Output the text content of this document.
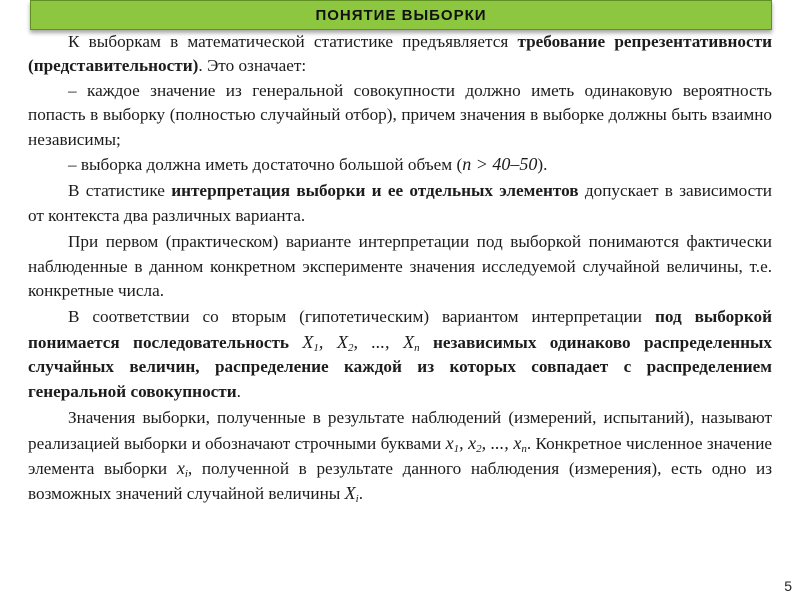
ПОНЯТИЕ ВЫБОРКИ

К выборкам в математической статистике предъявляется требование репрезентативности (представительности). Это означает:

– каждое значение из генеральной совокупности должно иметь одинаковую вероятность попасть в выборку (полностью случайный отбор), причем значения в выборке должны быть взаимно независимы;

– выборка должна иметь достаточно большой объем (n > 40–50).

В статистике интерпретация выборки и ее отдельных элементов допускает в зависимости от контекста два различных варианта.

При первом (практическом) варианте интерпретации под выборкой понимаются фактически наблюденные в данном конкретном эксперименте значения исследуемой случайной величины, т.е. конкретные числа.

В соответствии со вторым (гипотетическим) вариантом интерпретации под выборкой понимается последовательность $X_1$, $X_2$, ..., $X_n$ независимых одинаково распределенных случайных величин, распределение каждой из которых совпадает с распределением генеральной совокупности.

Значения выборки, полученные в результате наблюдений (измерений, испытаний), называют реализацией выборки и обозначают строчными буквами $x_1$, $x_2$, ..., $x_n$. Конкретное численное значение элемента выборки $x_i$, полученной в результате данного наблюдения (измерения), есть одно из возможных значений случайной величины $X_i$.

5
